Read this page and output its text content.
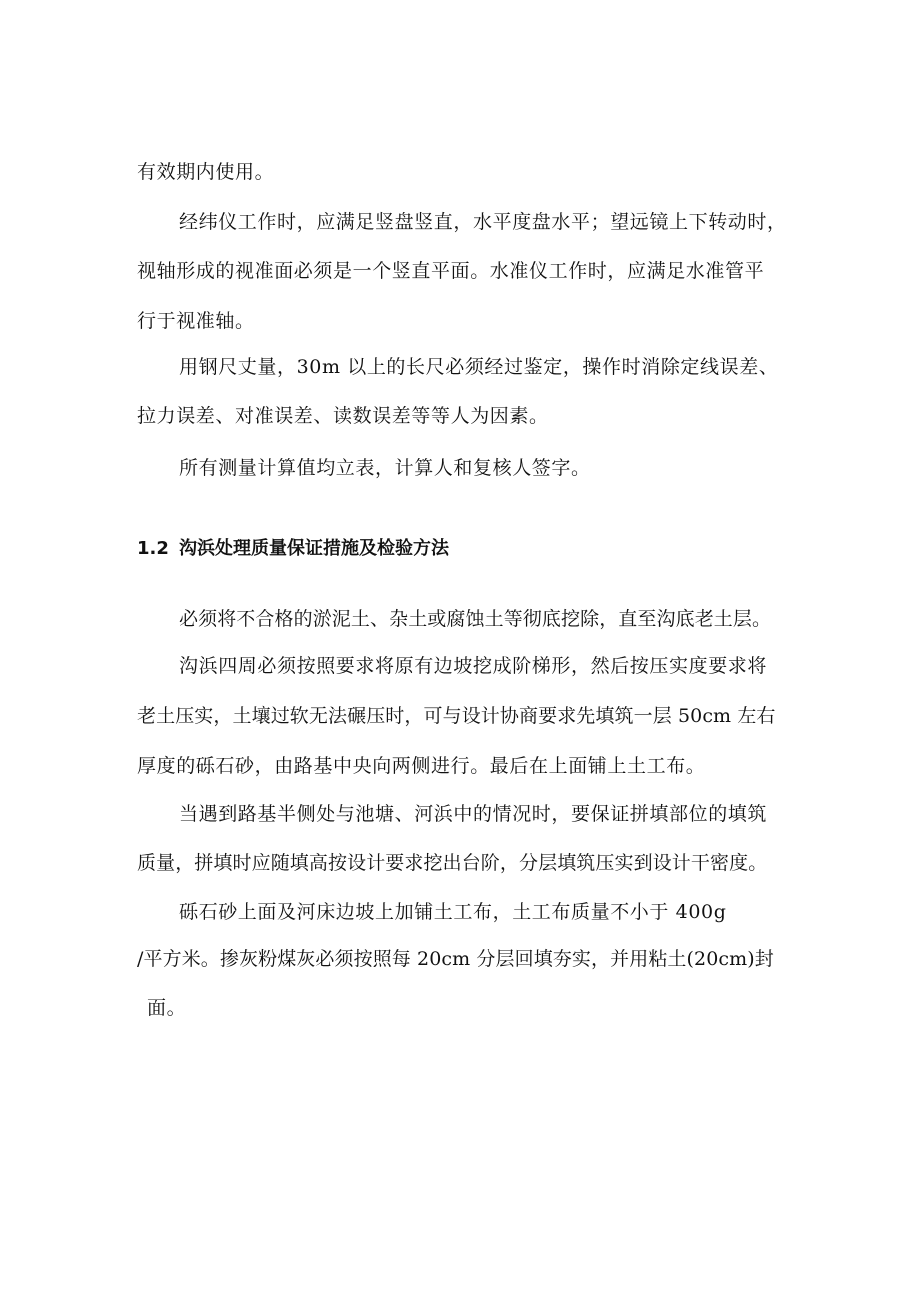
有效期内使用。
经纬仪工作时，应满足竖盘竖直，水平度盘水平；望远镜上下转动时，
视轴形成的视准面必须是一个竖直平面。水准仪工作时，应满足水准管平
行于视准轴。
用钢尺丈量，30m 以上的长尺必须经过鉴定，操作时消除定线误差、
拉力误差、对准误差、读数误差等等人为因素。
所有测量计算值均立表，计算人和复核人签字。
1.2 沟浜处理质量保证措施及检验方法
必须将不合格的淤泥土、杂土或腐蚀土等彻底挖除，直至沟底老土层。
沟浜四周必须按照要求将原有边坡挖成阶梯形，然后按压实度要求将
老土压实，土壤过软无法碾压时，可与设计协商要求先填筑一层 50cm 左右
厚度的砾石砂，由路基中央向两侧进行。最后在上面铺上土工布。
当遇到路基半侧处与池塘、河浜中的情况时，要保证拼填部位的填筑
质量，拼填时应随填高按设计要求挖出台阶，分层填筑压实到设计干密度。
砾石砂上面及河床边坡上加铺土工布，土工布质量不小于 400g
/平方米。掺灰粉煤灰必须按照每 20cm 分层回填夯实，并用粘土(20cm)封
面。
